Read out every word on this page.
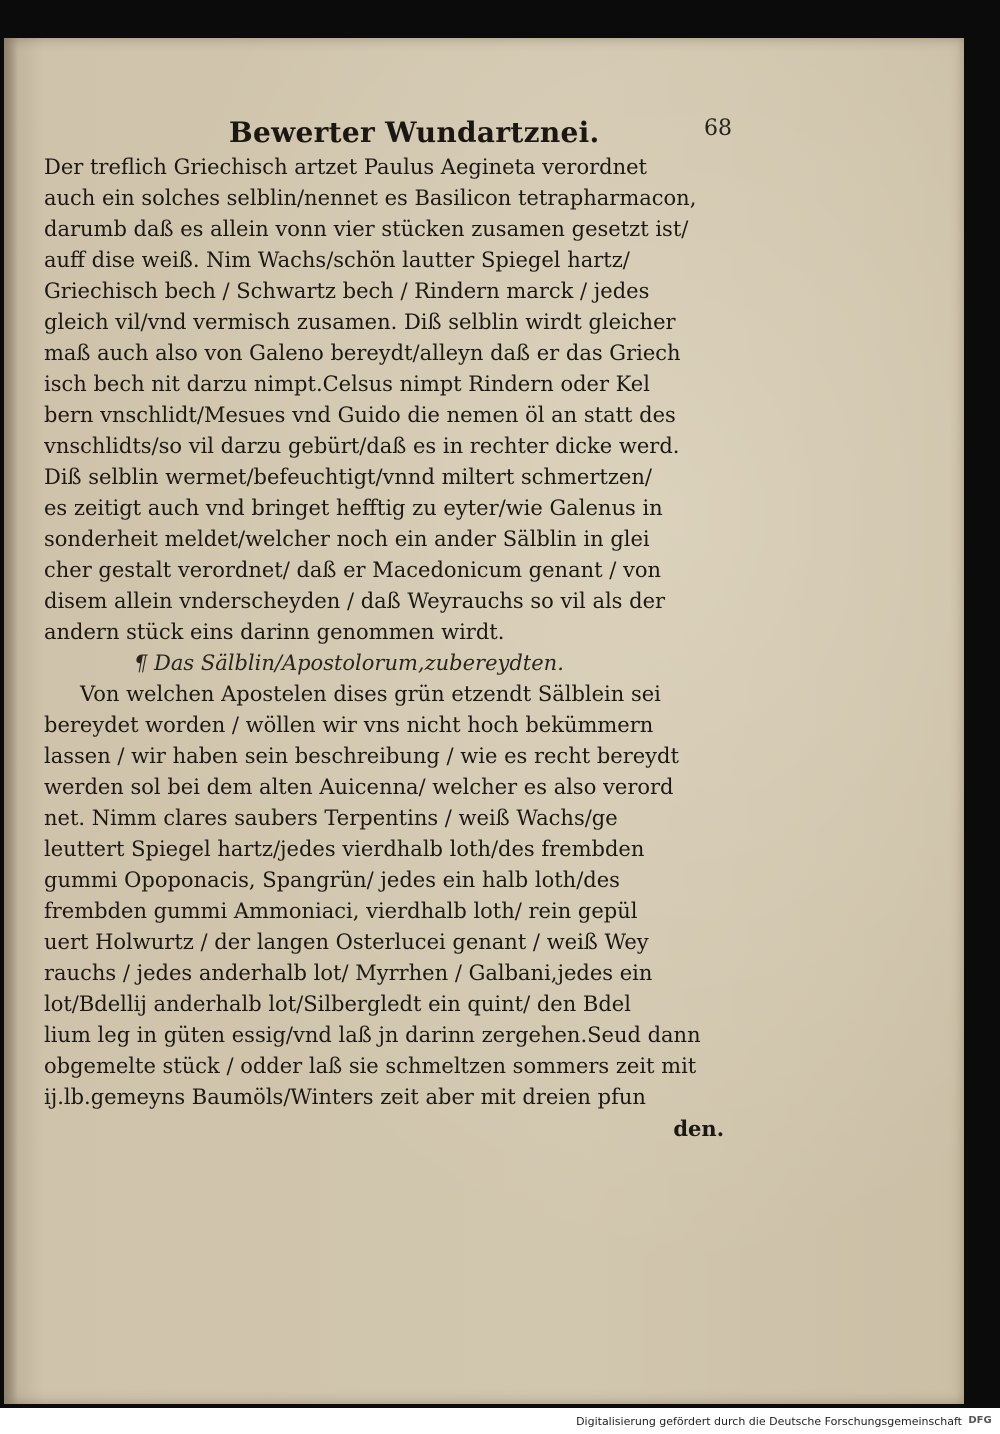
Bewerter Wundartznei.	68
Der treflich Griechisch artzet Paulus Aegineta verordnet
auch ein solches selblin/nennet es Basilicon tetrapharmacon,
darumb daß es allein vonn vier stücken zusamen gesetzt ist/
auff dise weiß. Nim Wachs/schön lautter Spiegel hartz/
Griechisch bech / Schwartz bech / Rindern marck / jedes
gleich vil/vnd vermisch zusamen. Diß selblin wirdt gleicher
maß auch also von Galeno bereydt/alleyn daß er das Griech
isch bech nit darzu nimpt.Celsus nimpt Rindern oder Kel
bern vnschlidt/Mesues vnd Guido die nemen öl an statt des
vnschlidts/so vil darzu gebürt/daß es in rechter dicke werd.
Diß selblin wermet/befeuchtigt/vnnd miltert schmertzen/
es zeitigt auch vnd bringet hefftig zu eyter/wie Galenus in
sonderheit meldet/welcher noch ein ander Sälblin in glei
cher gestalt verordnet/ daß er Macedonicum genant / von
disem allein vnderscheyden / daß Weyrauchs so vil als der
andern stück eins darinn genommen wirdt.
¶ Das Sälblin/Apostolorum,zubereydten.
Von welchen Apostelen dises grün etzendt Sälblein sei
bereydet worden / wöllen wir vns nicht hoch bekümmern
lassen / wir haben sein beschreibung / wie es recht bereydt
werden sol bei dem alten Auicenna/ welcher es also verord
net. Nimm clares saubers Terpentins / weiß Wachs/ge
leuttert Spiegel hartz/jedes vierdhalb loth/des frembden
gummi Opoponacis, Spangrün/ jedes ein halb loth/des
frembden gummi Ammoniaci, vierdhalb loth/ rein gepül
uert Holwurtz / der langen Osterlucei genant / weiß Wey
rauchs / jedes anderhalb lot/ Myrrhen / Galbani,jedes ein
lot/Bdellij anderhalb lot/Silbergledt ein quint/ den Bdel
lium leg in güten essig/vnd laß jn darinn zergehen.Seud dann
obgemelte stück / odder laß sie schmeltzen sommers zeit mit
ij.lb.gemeyns Baumöls/Winters zeit aber mit dreien pfun
den.
Digitalisierung gefördert durch die Deutsche Forschungsgemeinschaft DFG
